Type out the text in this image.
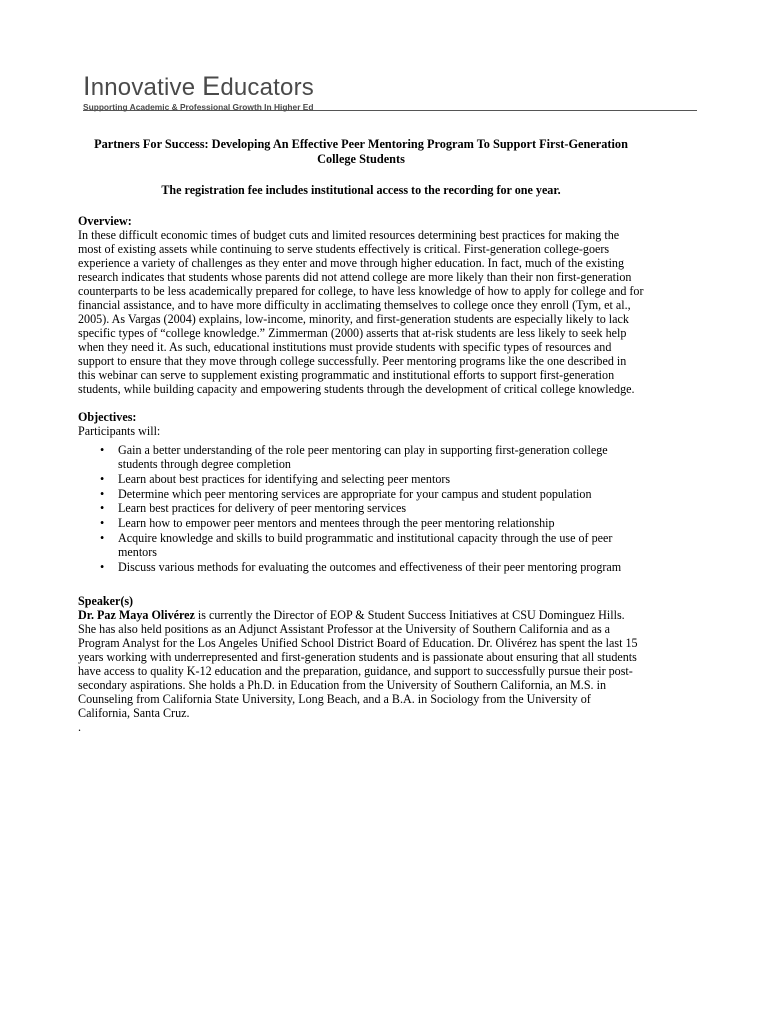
Innovative Educators
Supporting Academic & Professional Growth In Higher Ed
Partners For Success: Developing An Effective Peer Mentoring Program To Support First-Generation College Students
The registration fee includes institutional access to the recording for one year.

Overview:

In these difficult economic times of budget cuts and limited resources determining best practices for making the most of existing assets while continuing to serve students effectively is critical. First-generation college-goers experience a variety of challenges as they enter and move through higher education. In fact, much of the existing research indicates that students whose parents did not attend college are more likely than their non first-generation counterparts to be less academically prepared for college, to have less knowledge of how to apply for college and for financial assistance, and to have more difficulty in acclimating themselves to college once they enroll (Tym, et al., 2005). As Vargas (2004) explains, low-income, minority, and first-generation students are especially likely to lack specific types of “college knowledge.” Zimmerman (2000) asserts that at-risk students are less likely to seek help when they need it. As such, educational institutions must provide students with specific types of resources and support to ensure that they move through college successfully. Peer mentoring programs like the one described in this webinar can serve to supplement existing programmatic and institutional efforts to support first-generation students, while building capacity and empowering students through the development of critical college knowledge.

Objectives:

Participants will:

• Gain a better understanding of the role peer mentoring can play in supporting first-generation college students through degree completion
• Learn about best practices for identifying and selecting peer mentors
• Determine which peer mentoring services are appropriate for your campus and student population
• Learn best practices for delivery of peer mentoring services
• Learn how to empower peer mentors and mentees through the peer mentoring relationship
• Acquire knowledge and skills to build programmatic and institutional capacity through the use of peer mentors
• Discuss various methods for evaluating the outcomes and effectiveness of their peer mentoring program

Speaker(s)

Dr. Paz Maya Olivérez is currently the Director of EOP & Student Success Initiatives at CSU Dominguez Hills. She has also held positions as an Adjunct Assistant Professor at the University of Southern California and as a Program Analyst for the Los Angeles Unified School District Board of Education. Dr. Olivérez has spent the last 15 years working with underrepresented and first-generation students and is passionate about ensuring that all students have access to quality K-12 education and the preparation, guidance, and support to successfully pursue their post-secondary aspirations. She holds a Ph.D. in Education from the University of Southern California, an M.S. in Counseling from California State University, Long Beach, and a B.A. in Sociology from the University of California, Santa Cruz.

.
